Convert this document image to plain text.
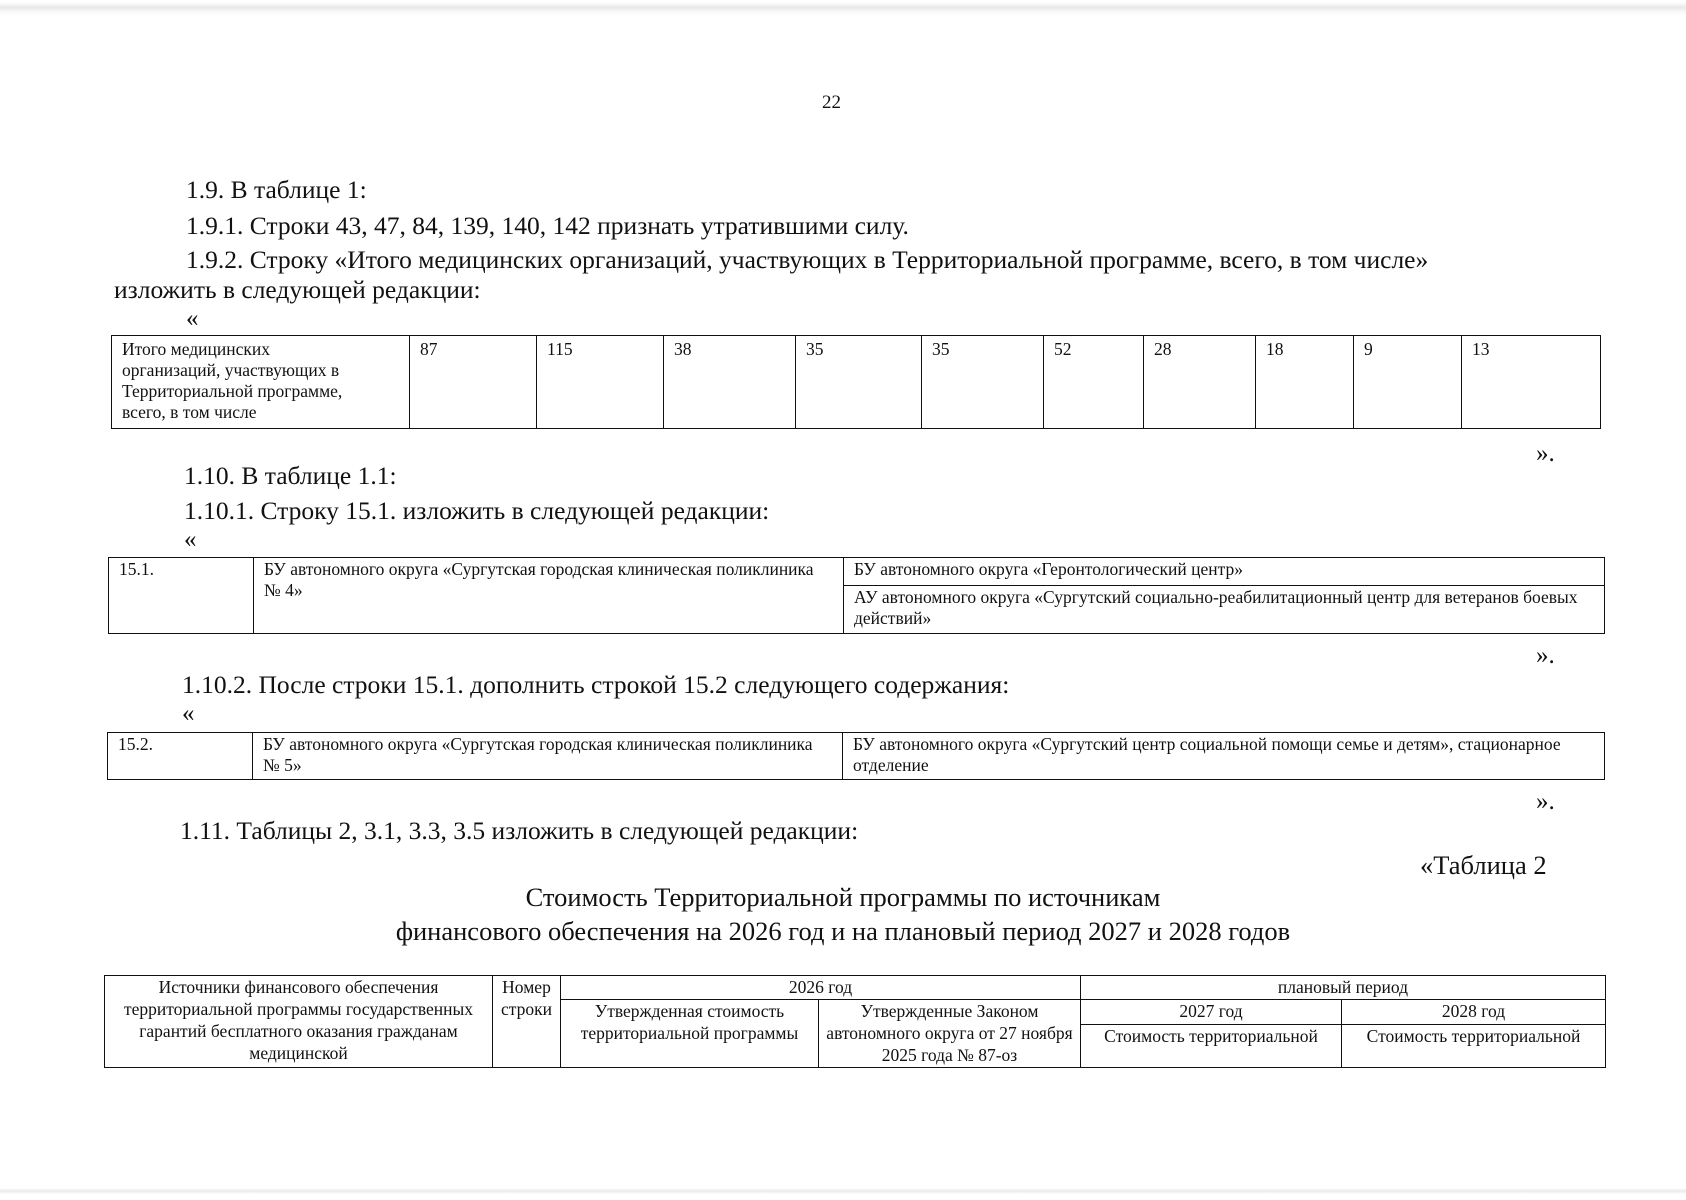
22
1.9. В таблице 1:
1.9.1. Строки 43, 47, 84, 139, 140, 142 признать утратившими силу.
1.9.2. Строку «Итого медицинских организаций, участвующих в Территориальной программе, всего, в том числе»
изложить в следующей редакции:
«
Итого медицинских
организаций, участвующих в
Территориальной программе,
всего, в том числе
	87	115	38	35	35	52	28	18	9	13
».
1.10. В таблице 1.1:
1.10.1. Строку 15.1. изложить в следующей редакции:
«
15.1.	БУ автономного округа «Сургутская городская клиническая поликлиника № 4»	БУ автономного округа «Геронтологический центр»
АУ автономного округа «Сургутский социально-реабилитационный центр для ветеранов боевых действий»
».
1.10.2. После строки 15.1. дополнить строкой 15.2 следующего содержания:
«
15.2.	БУ автономного округа «Сургутская городская клиническая поликлиника № 5»	БУ автономного округа «Сургутский центр социальной помощи семье и детям», стационарное отделение
».
1.11. Таблицы 2, 3.1, 3.3, 3.5 изложить в следующей редакции:
«Таблица 2
Стоимость Территориальной программы по источникам
финансового обеспечения на 2026 год и на плановый период 2027 и 2028 годов
Источники финансового обеспечения территориальной программы государственных гарантий бесплатного оказания гражданам медицинской	Номер строки	2026 год		плановый период	
		Утвержденная стоимость территориальной программы	Утвержденные Законом автономного округа от 27 ноября 2025 года № 87-оз	2027 год	2028 год
				Стоимость территориальной	Стоимость территориальной
